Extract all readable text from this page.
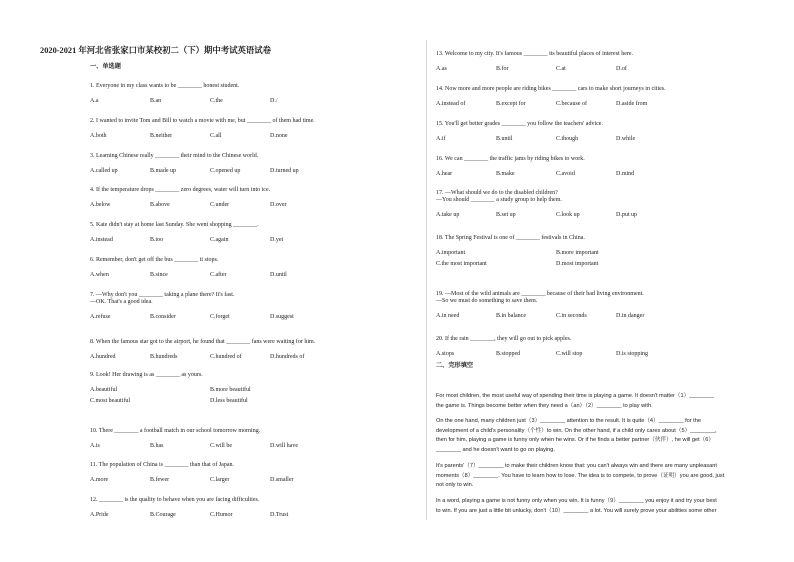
2020-2021 年河北省张家口市某校初二（下）期中考试英语试卷
一、单选题
1. Everyone in my class wants to be ________ honest student.
A.a	B.an	C.the	D./
2. I wanted to invite Tom and Bill to watch a movie with me, but ________ of them had time.
A.both	B.neither	C.all	D.none
3. Learning Chinese really ________ their mind to the Chinese world.
A.called up	B.made up	C.opened up	D.turned up
4. If the temperature drops ________ zero degrees, water will turn into ice.
A.below	B.above	C.under	D.over
5. Kate didn't stay at home last Sunday. She went shopping ________.
A.instead	B.too	C.again	D.yet
6. Remember, don't get off the bus ________ it stops.
A.when	B.since	C.after	D.until
7. —Why don't you ________ taking a plane there? It's fast.
—OK. That's a good idea.
A.refuse	B.consider	C.forget	D.suggest
8. When the famous star got to the airport, he found that ________ fans were waiting for him.
A.hundred	B.hundreds	C.hundred of	D.hundreds of
9. Look! Her drawing is as ________ as yours.
A.beautiful	B.more beautiful
C.most beautiful	D.less beautiful
10. There ________ a football match in our school tomorrow morning.
A.is	B.has	C.will be	D.will have
11. The population of China is ________ than that of Japan.
A.more	B.fewer	C.larger	D.smaller
12. ________ is the quality to behave when you are facing difficulties.
A.Pride	B.Courage	C.Humor	D.Trust
二、完形填空
For most children, the most useful way of spending their time is playing a game. It doesn't matter（1）________
the game is. Things become better when they need a（an）（2）________ to play with.
On the one hand, many children just（3）________ attention to the result. It is quite（4）________ for the
development of a child's personality（个性）to win. On the other hand, if a child only cares about（5）________,
then for him, playing a game is funny only when he wins. Or if he finds a better partner（伙伴）, he will get（6）
________ and he doesn't want to go on playing.
It's parents'（7）________ to make their children know that: you can't always win and there are many unpleasant
moments（8）________. You have to learn how to lose. The idea is to compete, to prove（证明）you are good, just
not only to win.
In a word, playing a game is not funny only when you win. It is funny（9）________ you enjoy it and try your best
to win. If you are just a little bit unlucky, don't（10）________ a lot. You will surely prove your abilities some other
13. Welcome to my city. It's famous ________ its beautiful places of interest here.
A.as	B.for	C.at	D.of
14. Now more and more people are riding bikes ________ cars to make short journeys in cities.
A.instead of	B.except for	C.because of	D.aside from
15. You'll get better grades ________ you follow the teachers' advice.
A.if	B.until	C.though	D.while
16. We can ________ the traffic jams by riding bikes to work.
A.hear	B.make	C.avoid	D.mind
17. —What should we do to the disabled children?
—You should ________ a study group to help them.
A.take up	B.set up	C.look up	D.put up
18. The Spring Festival is one of ________ festivals in China.
A.important	B.more important
C.the most important	D.most important
19. —Most of the wild animals are ________ because of their bad living environment.
—So we must do something to save them.
A.in need	B.in balance	C.in seconds	D.in danger
20. If the rain ________, they will go out to pick apples.
A.stops	B.stopped	C.will stop	D.is stopping
